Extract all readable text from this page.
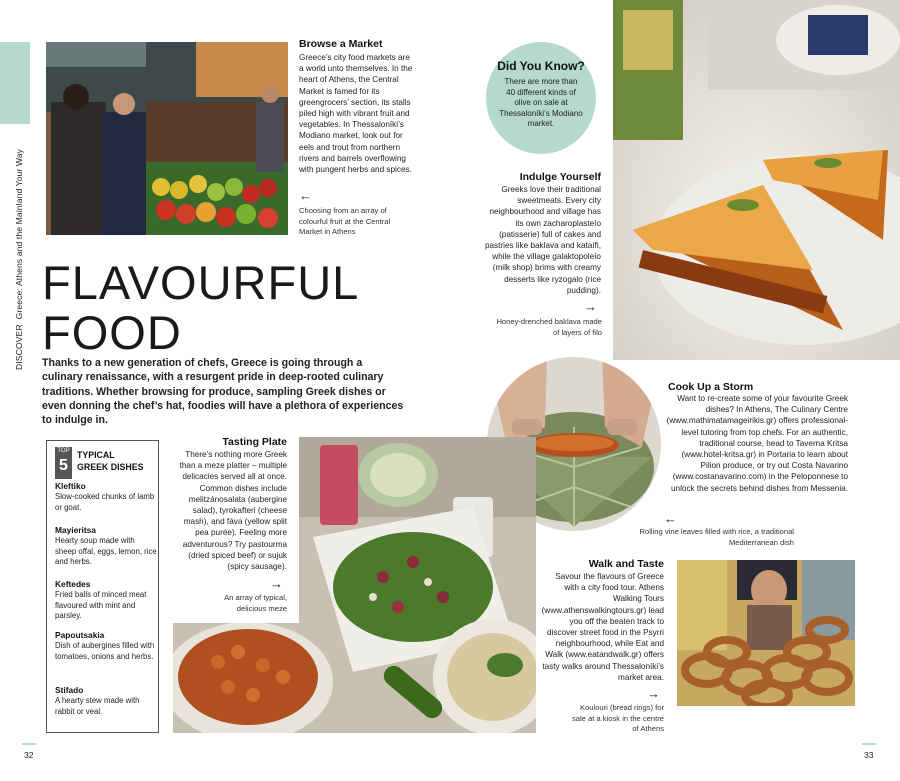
DISCOVER  Greece: Athens and the Mainland Your Way
Browse a Market
Greece’s city food markets are a world unto themselves. In the heart of Athens, the Central Market is famed for its greengrocers’ section, its stalls piled high with vibrant fruit and vegetables. In Thessaloníki’s Modiano market, look out for eels and trout from northern rivers and barrels overflowing with pungent herbs and spices.
←
Choosing from an array of colourful fruit at the Central Market in Athens
FLAVOURFUL
FOOD
Thanks to a new generation of chefs, Greece is going through a culinary renaissance, with a resurgent pride in deep-rooted culinary traditions. Whether browsing for produce, sampling Greek dishes or even donning the chef’s hat, foodies will have a plethora of experiences to indulge in.
Did You Know?
There are more than 40 different kinds of olive on sale at Thessaloníki’s Modiano market.
Indulge Yourself
Greeks love their traditional sweetmeats. Every city neighbourhood and village has its own zacharoplasteío (patisserie) full of cakes and pastries like baklava and kataífi, while the village galaktopoleío (milk shop) brims with creamy desserts like ryzogalo (rice pudding).
→
Honey-drenched baklava made of layers of filo
Cook Up a Storm
Want to re-create some of your favourite Greek dishes? In Athens, The Culinary Centre (www.mathimatamageirikis.gr) offers professional-level tutoring from top chefs. For an authentic, traditional course, head to Taverna Kritsa (www.hotel-kritsa.gr) in Portaria to learn about Pilion produce, or try out Costa Navarino (www.costanavarino.com) in the Peloponnese to unlock the secrets behind dishes from Messenia.
←
Rolling vine leaves filled with rice, a traditional Mediterranean dish
TOP
5
TYPICAL
GREEK DISHES
Kleftiko
Slow-cooked chunks of lamb or goat.
Mayieritsa
Hearty soup made with sheep offal, eggs, lemon, rice and herbs.
Keftedes
Fried balls of minced meat flavoured with mint and parsley.
Papoutsakia
Dish of aubergines filled with tomatoes, onions and herbs.
Stifado
A hearty stew made with rabbit or veal.
Tasting Plate
There’s nothing more Greek than a meze platter – multiple delicacies served all at once. Common dishes include melitzánosalata (aubergine salad), tyrokafteri (cheese mash), and fáva (yellow split pea purée). Feeling more adventurous? Try pastourma (dried spiced beef) or sujuk (spicy sausage).
→
An array of typical, delicious meze
Walk and Taste
Savour the flavours of Greece with a city food tour. Athens Walking Tours (www.athenswalkingtours.gr) lead you off the beaten track to discover street food in the Psyrri neighbourhood, while Eat and Walk (www.eatandwalk.gr) offers tasty walks around Thessaloníki’s market area.
→
Koulouri (bread rings) for sale at a kiosk in the centre of Athens
32	33
